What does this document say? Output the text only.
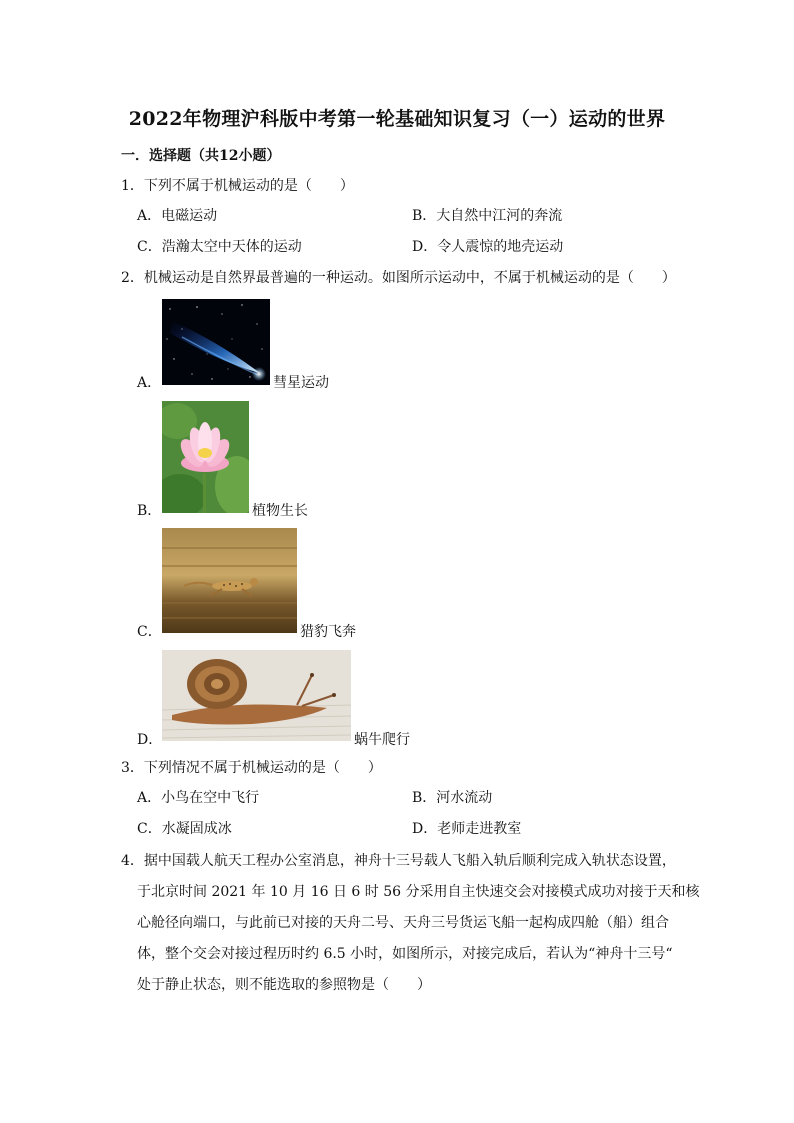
2022年物理沪科版中考第一轮基础知识复习（一）运动的世界
一．选择题（共12小题）
1．下列不属于机械运动的是（　　）
A．电磁运动	B．大自然中江河的奔流
C．浩瀚太空中天体的运动	D．令人震惊的地壳运动
2．机械运动是自然界最普遍的一种运动。如图所示运动中，不属于机械运动的是（　　）
A．	彗星运动
B．	植物生长
C．	猎豹飞奔
D．	蜗牛爬行
3．下列情况不属于机械运动的是（　　）
A．小鸟在空中飞行	B．河水流动
C．水凝固成冰	D．老师走进教室
4．据中国载人航天工程办公室消息，神舟十三号载人飞船入轨后顺利完成入轨状态设置，
于北京时间 2021 年 10 月 16 日 6 时 56 分采用自主快速交会对接模式成功对接于天和核
心舱径向端口，与此前已对接的天舟二号、天舟三号货运飞船一起构成四舱（船）组合
体，整个交会对接过程历时约 6.5 小时，如图所示，对接完成后，若认为“神舟十三号“
处于静止状态，则不能选取的参照物是（　　）
